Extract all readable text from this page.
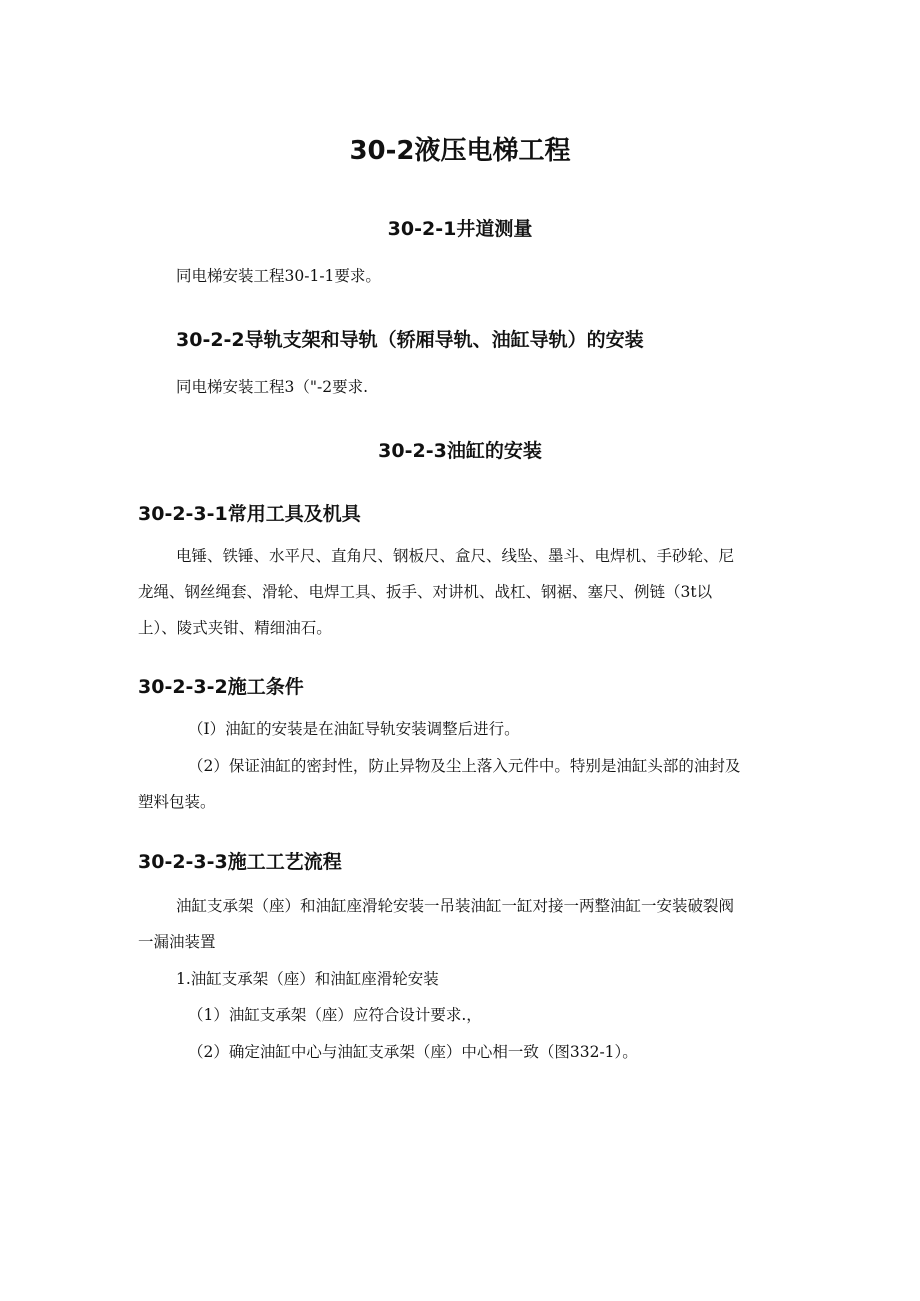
30-2液压电梯工程
30-2-1井道测量
同电梯安装工程30-1-1要求。
30-2-2导轨支架和导轨（轿厢导轨、油缸导轨）的安装
同电梯安装工程3（"-2要求.
30-2-3油缸的安装
30-2-3-1常用工具及机具
电锤、铁锤、水平尺、直角尺、钢板尺、盒尺、线坠、墨斗、电焊机、手砂轮、尼
龙绳、钢丝绳套、滑轮、电焊工具、扳手、对讲机、战杠、钢裾、塞尺、例链（3t以
上）、陵式夹钳、精细油石。
30-2-3-2施工条件
（I）油缸的安装是在油缸导轨安装调整后进行。
（2）保证油缸的密封性，防止异物及尘上落入元件中。特别是油缸头部的油封及
塑料包装。
30-2-3-3施工工艺流程
油缸支承架（座）和油缸座滑轮安装一吊装油缸一缸对接一两整油缸一安装破裂阀
一漏油装置
1.油缸支承架（座）和油缸座滑轮安装
（1）油缸支承架（座）应符合设计要求.，
（2）确定油缸中心与油缸支承架（座）中心相一致（图332-1）。
